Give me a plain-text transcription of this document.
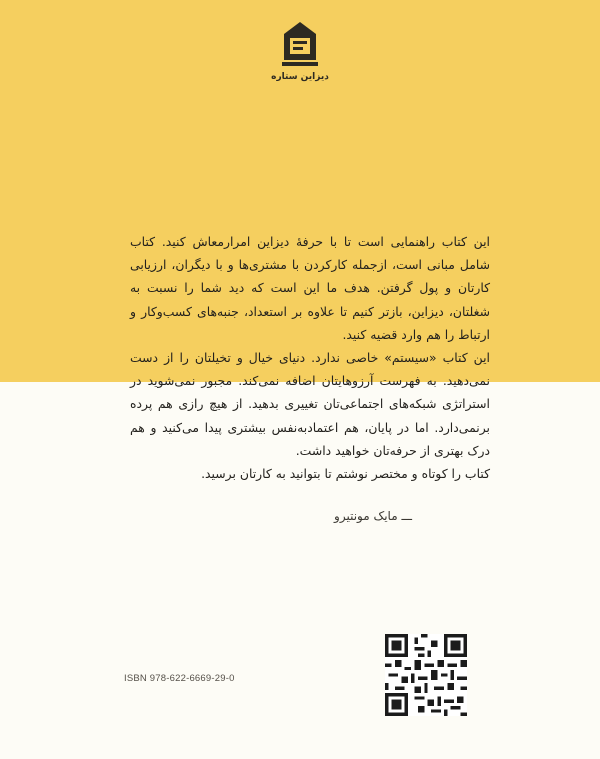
دیزاین ستاره

این کتاب راهنمایی است تا با حرفهٔ دیزاین امرارمعاش کنید. کتاب شامل مبانی است، ازجمله کارکردن با مشتری‌ها و با دیگران، ارزیابی کارتان و پول گرفتن. هدف ما این است که دید شما را نسبت به شغلتان، دیزاین، بازتر کنیم تا علاوه بر استعداد، جنبه‌های کسب‌وکار و ارتباط را هم وارد قضیه کنید.

این کتاب «سیستم» خاصی ندارد. دنیای خیال و تخیلتان را از دست نمی‌دهید. به فهرست آرزوهایتان اضافه نمی‌کند. مجبور نمی‌شوید در استراتژی شبکه‌های اجتماعی‌تان تغییری بدهید. از هیچ رازی هم پرده برنمی‌دارد. اما در پایان، هم اعتمادبه‌نفس بیشتری پیدا می‌کنید و هم درک بهتری از حرفه‌تان خواهید داشت.

کتاب را کوتاه و مختصر نوشتم تا بتوانید به کارتان برسید.

ـــ مایک مونتیرو
ISBN 978-622-6669-29-0
